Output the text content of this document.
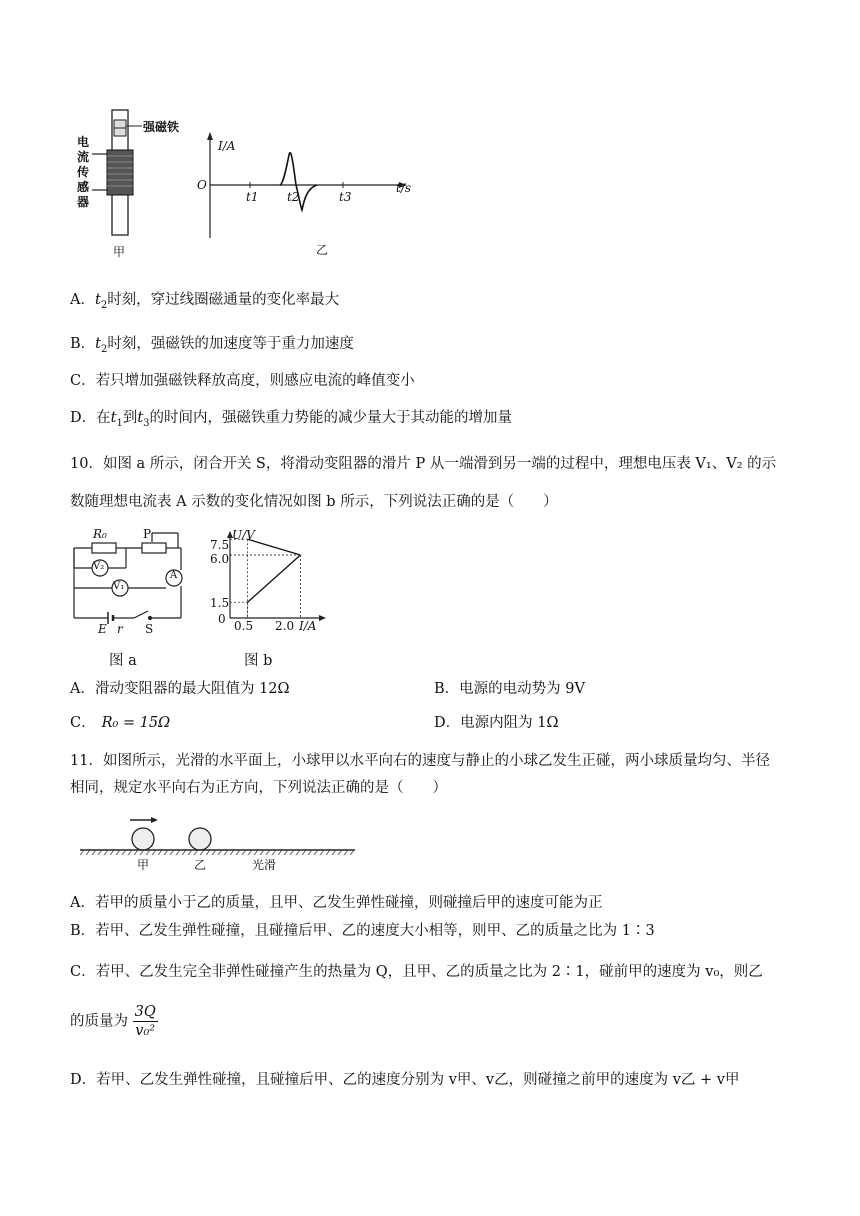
强磁铁
电
流
传
感
器
甲
I/A
O	t/s
t1 t2	t3
乙
A．$t_2$时刻，穿过线圈磁通量的变化率最大
B．$t_2$时刻，强磁铁的加速度等于重力加速度
C．若只增加强磁铁释放高度，则感应电流的峰值变小
D．在$t_1$到$t_3$的时间内，强磁铁重力势能的减少量大于其动能的增加量
10．如图 a 所示，闭合开关 S，将滑动变阻器的滑片 P 从一端滑到另一端的过程中，理想电压表 V₁、V₂ 的示
数随理想电流表 A 示数的变化情况如图 b 所示，下列说法正确的是（　　）
R₀	P
V₂
V₁
A
E r S
U/V
7.5
6.0
1.5
0 0.5 2.0 I/A
图 a	图 b
A．滑动变阻器的最大阻值为 12Ω	B．电源的电动势为 9V
C． R₀ = 15Ω	D．电源内阻为 1Ω
11．如图所示，光滑的水平面上，小球甲以水平向右的速度与静止的小球乙发生正碰，两小球质量均匀、半径
相同，规定水平向右为正方向，下列说法正确的是（　　）
甲	乙	光滑
A．若甲的质量小于乙的质量，且甲、乙发生弹性碰撞，则碰撞后甲的速度可能为正
B．若甲、乙发生弹性碰撞，且碰撞后甲、乙的速度大小相等，则甲、乙的质量之比为 1∶3
C．若甲、乙发生完全非弹性碰撞产生的热量为 Q，且甲、乙的质量之比为 2∶1，碰前甲的速度为 v₀，则乙
的质量为 $\frac{3Q}{\text{v₀²}}$
D．若甲、乙发生弹性碰撞，且碰撞后甲、乙的速度分别为 v甲、v乙，则碰撞之前甲的速度为 v乙 + v甲
